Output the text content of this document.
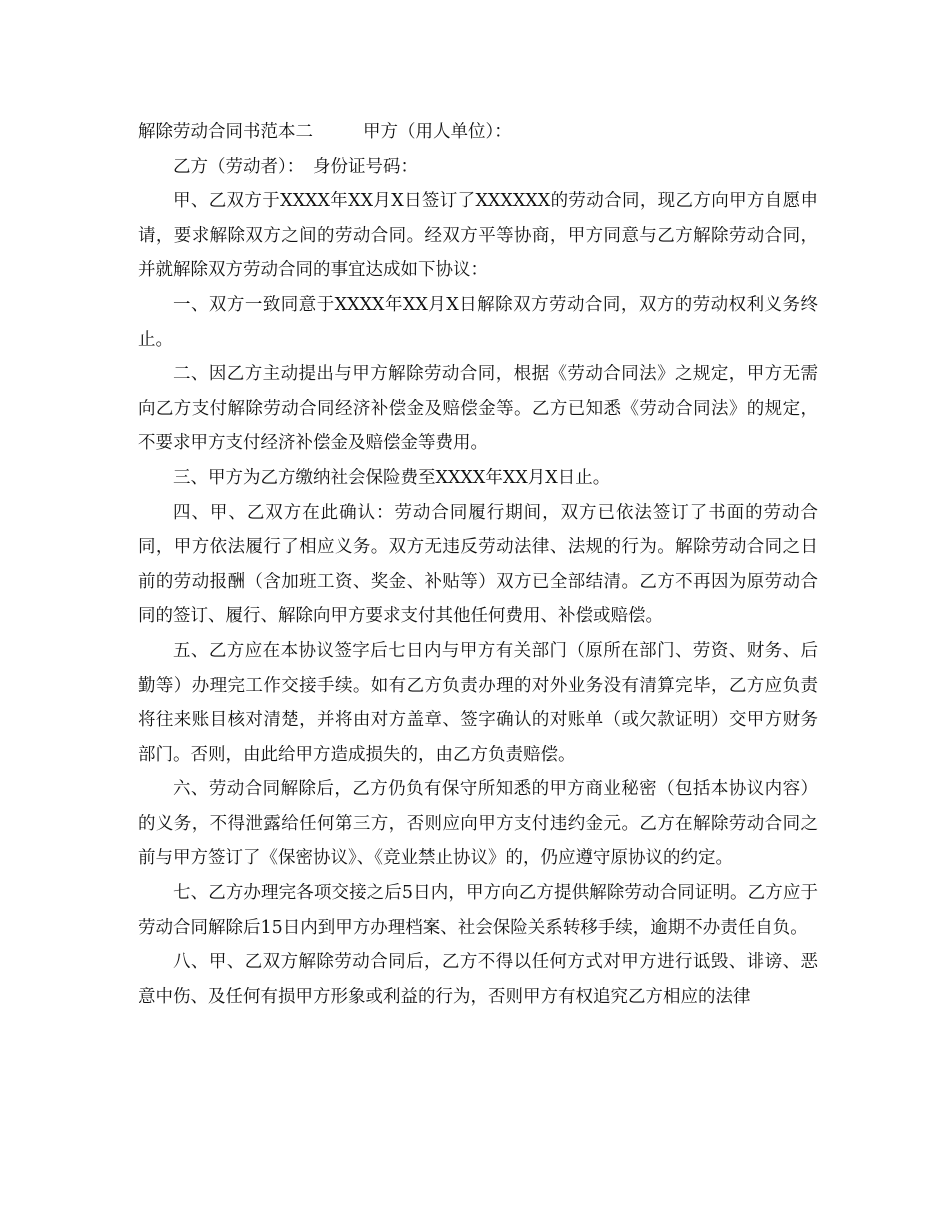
解除劳动合同书范本二	甲方（用人单位）：

乙方（劳动者）：　身份证号码：

甲、乙双方于XXXX年XX月X日签订了XXXXXX的劳动合同，现乙方向甲方自愿申请，要求解除双方之间的劳动合同。经双方平等协商，甲方同意与乙方解除劳动合同，并就解除双方劳动合同的事宜达成如下协议：

一、双方一致同意于XXXX年XX月X日解除双方劳动合同，双方的劳动权利义务终止。

二、因乙方主动提出与甲方解除劳动合同，根据《劳动合同法》之规定，甲方无需向乙方支付解除劳动合同经济补偿金及赔偿金等。乙方已知悉《劳动合同法》的规定，不要求甲方支付经济补偿金及赔偿金等费用。

三、甲方为乙方缴纳社会保险费至XXXX年XX月X日止。

四、甲、乙双方在此确认：劳动合同履行期间，双方已依法签订了书面的劳动合同，甲方依法履行了相应义务。双方无违反劳动法律、法规的行为。解除劳动合同之日前的劳动报酬（含加班工资、奖金、补贴等）双方已全部结清。乙方不再因为原劳动合同的签订、履行、解除向甲方要求支付其他任何费用、补偿或赔偿。

五、乙方应在本协议签字后七日内与甲方有关部门（原所在部门、劳资、财务、后勤等）办理完工作交接手续。如有乙方负责办理的对外业务没有清算完毕，乙方应负责将往来账目核对清楚，并将由对方盖章、签字确认的对账单（或欠款证明）交甲方财务部门。否则，由此给甲方造成损失的，由乙方负责赔偿。

六、劳动合同解除后，乙方仍负有保守所知悉的甲方商业秘密（包括本协议内容）的义务，不得泄露给任何第三方，否则应向甲方支付违约金元。乙方在解除劳动合同之前与甲方签订了《保密协议》、《竞业禁止协议》的，仍应遵守原协议的约定。

七、乙方办理完各项交接之后5日内，甲方向乙方提供解除劳动合同证明。乙方应于劳动合同解除后15日内到甲方办理档案、社会保险关系转移手续，逾期不办责任自负。

八、甲、乙双方解除劳动合同后，乙方不得以任何方式对甲方进行诋毁、诽谤、恶意中伤、及任何有损甲方形象或利益的行为，否则甲方有权追究乙方相应的法律
